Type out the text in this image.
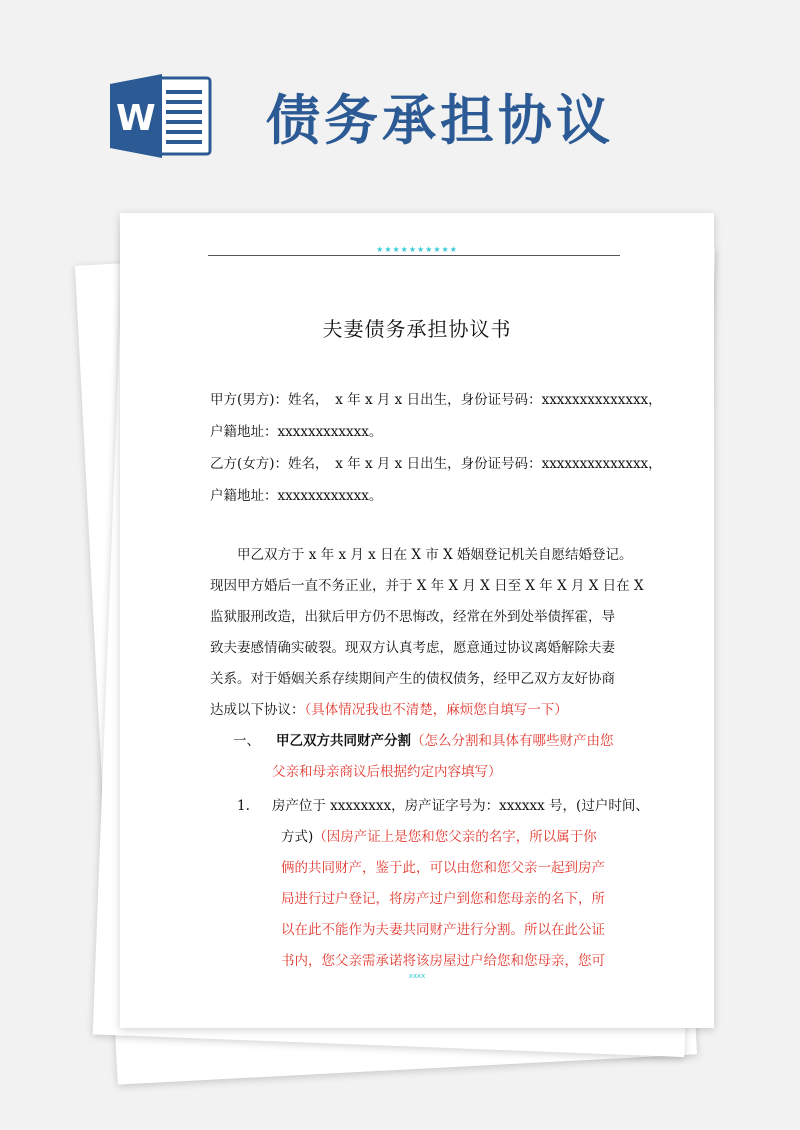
W 债务承担协议
★★★★★★★★★★
夫妻债务承担协议书
甲方(男方)：姓名，　x 年 x 月 x 日出生，身份证号码：xxxxxxxxxxxxxx，
户籍地址：xxxxxxxxxxxx。
乙方(女方)：姓名，　x 年 x 月 x 日出生，身份证号码：xxxxxxxxxxxxxx，
户籍地址：xxxxxxxxxxxx。
甲乙双方于 x 年 x 月 x 日在 X 市 X 婚姻登记机关自愿结婚登记。
现因甲方婚后一直不务正业，并于 X 年 X 月 X 日至 X 年 X 月 X 日在 X
监狱服刑改造，出狱后甲方仍不思悔改，经常在外到处举债挥霍，导
致夫妻感情确实破裂。现双方认真考虑，愿意通过协议离婚解除夫妻
关系。对于婚姻关系存续期间产生的债权债务，经甲乙双方友好协商
达成以下协议：（具体情况我也不清楚，麻烦您自填写一下）
一、 甲乙双方共同财产分割（怎么分割和具体有哪些财产由您
父亲和母亲商议后根据约定内容填写）
1. 房产位于 xxxxxxxx，房产证字号为：xxxxxx 号，(过户时间、
方式)（因房产证上是您和您父亲的名字，所以属于你
俩的共同财产，鉴于此，可以由您和您父亲一起到房产
局进行过户登记，将房产过户到您和您母亲的名下，所
以在此不能作为夫妻共同财产进行分割。所以在此公证
书内，您父亲需承诺将该房屋过户给您和您母亲，您可
xxxx
